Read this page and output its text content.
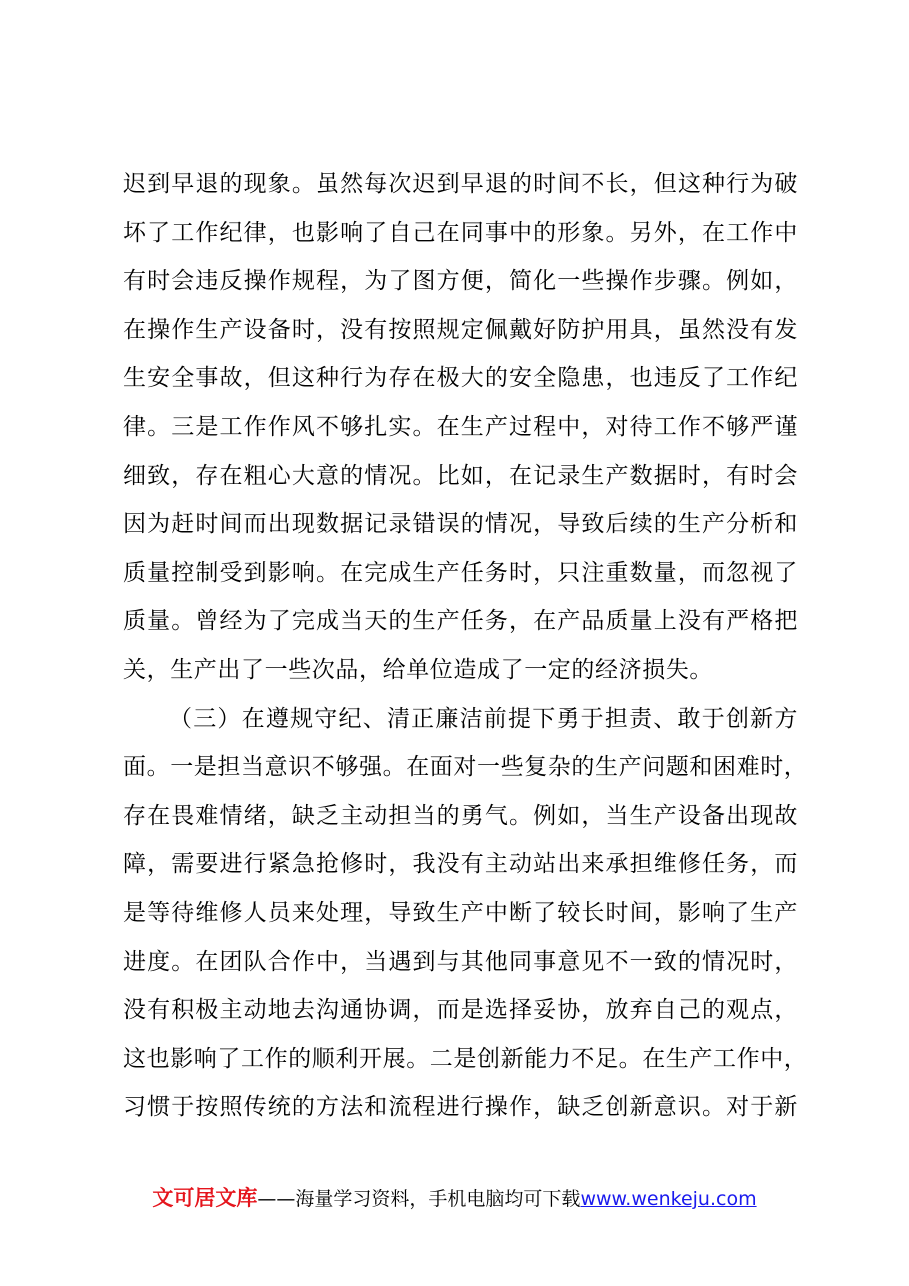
迟到早退的现象。虽然每次迟到早退的时间不长，但这种行为破
坏了工作纪律，也影响了自己在同事中的形象。另外，在工作中
有时会违反操作规程，为了图方便，简化一些操作步骤。例如，
在操作生产设备时，没有按照规定佩戴好防护用具，虽然没有发
生安全事故，但这种行为存在极大的安全隐患，也违反了工作纪
律。三是工作作风不够扎实。在生产过程中，对待工作不够严谨
细致，存在粗心大意的情况。比如，在记录生产数据时，有时会
因为赶时间而出现数据记录错误的情况，导致后续的生产分析和
质量控制受到影响。在完成生产任务时，只注重数量，而忽视了
质量。曾经为了完成当天的生产任务，在产品质量上没有严格把
关，生产出了一些次品，给单位造成了一定的经济损失。
（三）在遵规守纪、清正廉洁前提下勇于担责、敢于创新方
面。一是担当意识不够强。在面对一些复杂的生产问题和困难时，
存在畏难情绪，缺乏主动担当的勇气。例如，当生产设备出现故
障，需要进行紧急抢修时，我没有主动站出来承担维修任务，而
是等待维修人员来处理，导致生产中断了较长时间，影响了生产
进度。在团队合作中，当遇到与其他同事意见不一致的情况时，
没有积极主动地去沟通协调，而是选择妥协，放弃自己的观点，
这也影响了工作的顺利开展。二是创新能力不足。在生产工作中，
习惯于按照传统的方法和流程进行操作，缺乏创新意识。对于新
文可居文库——海量学习资料，手机电脑均可下载www.wenkeju.com
